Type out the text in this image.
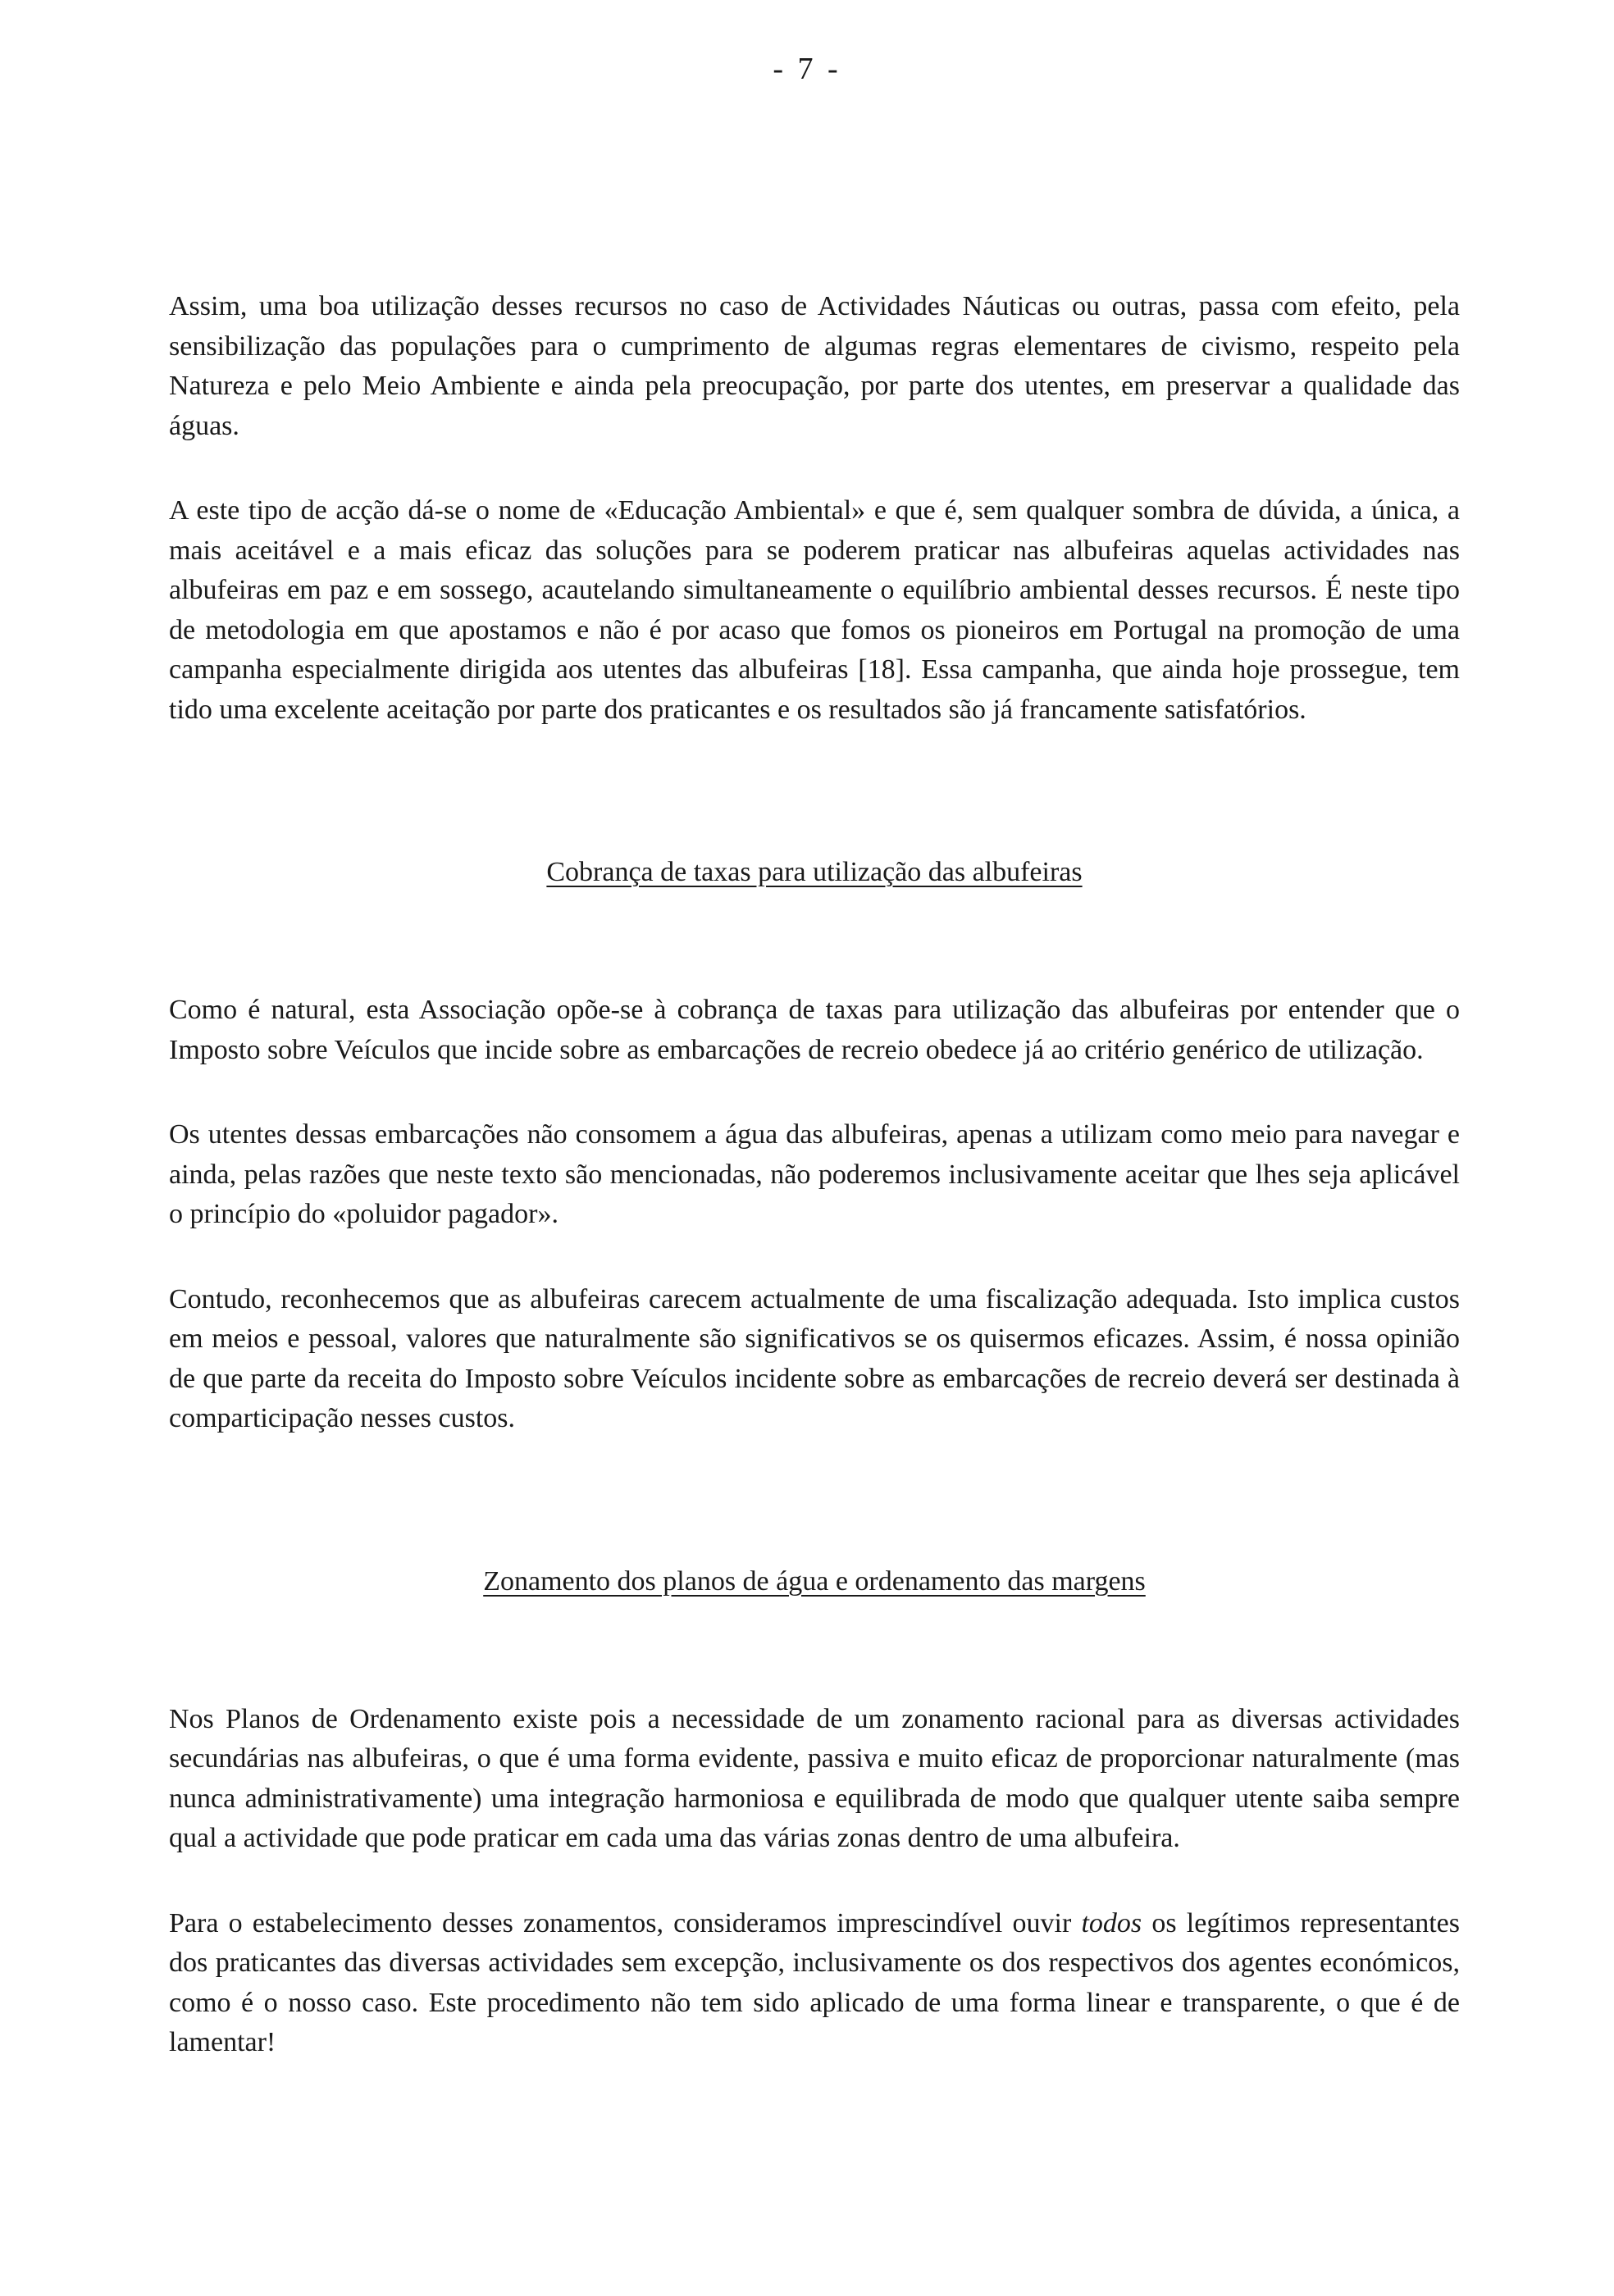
- 7 -

Assim, uma boa utilização desses recursos no caso de Actividades Náuticas ou outras, passa com efeito, pela sensibilização das populações para o cumprimento de algumas regras elementares de civismo, respeito pela Natureza e pelo Meio Ambiente e ainda pela preocupação, por parte dos utentes, em preservar a qualidade das águas.

A este tipo de acção dá-se o nome de «Educação Ambiental» e que é, sem qualquer sombra de dúvida, a única, a mais aceitável e a mais eficaz das soluções para se poderem praticar nas albufeiras aquelas actividades nas albufeiras em paz e em sossego, acautelando simultaneamente o equilíbrio ambiental desses recursos. É neste tipo de metodologia em que apostamos e não é por acaso que fomos os pioneiros em Portugal na promoção de uma campanha especialmente dirigida aos utentes das albufeiras [18]. Essa campanha, que ainda hoje prossegue, tem tido uma excelente aceitação por parte dos praticantes e os resultados são já francamente satisfatórios.

Cobrança de taxas para utilização das albufeiras

Como é natural, esta Associação opõe-se à cobrança de taxas para utilização das albufeiras por entender que o Imposto sobre Veículos que incide sobre as embarcações de recreio obedece já ao critério genérico de utilização.

Os utentes dessas embarcações não consomem a água das albufeiras, apenas a utilizam como meio para navegar e ainda, pelas razões que neste texto são mencionadas, não poderemos inclusivamente aceitar que lhes seja aplicável o princípio do «poluidor pagador».

Contudo, reconhecemos que as albufeiras carecem actualmente de uma fiscalização adequada. Isto implica custos em meios e pessoal, valores que naturalmente são significativos se os quisermos eficazes. Assim, é nossa opinião de que parte da receita do Imposto sobre Veículos incidente sobre as embarcações de recreio deverá ser destinada à comparticipação nesses custos.

Zonamento dos planos de água e ordenamento das margens

Nos Planos de Ordenamento existe pois a necessidade de um zonamento racional para as diversas actividades secundárias nas albufeiras, o que é uma forma evidente, passiva e muito eficaz de proporcionar naturalmente (mas nunca administrativamente) uma integração harmoniosa e equilibrada de modo que qualquer utente saiba sempre qual a actividade que pode praticar em cada uma das várias zonas dentro de uma albufeira.

Para o estabelecimento desses zonamentos, consideramos imprescindível ouvir todos os legítimos representantes dos praticantes das diversas actividades sem excepção, inclusivamente os dos respectivos dos agentes económicos, como é o nosso caso. Este procedimento não tem sido aplicado de uma forma linear e transparente, o que é de lamentar!
